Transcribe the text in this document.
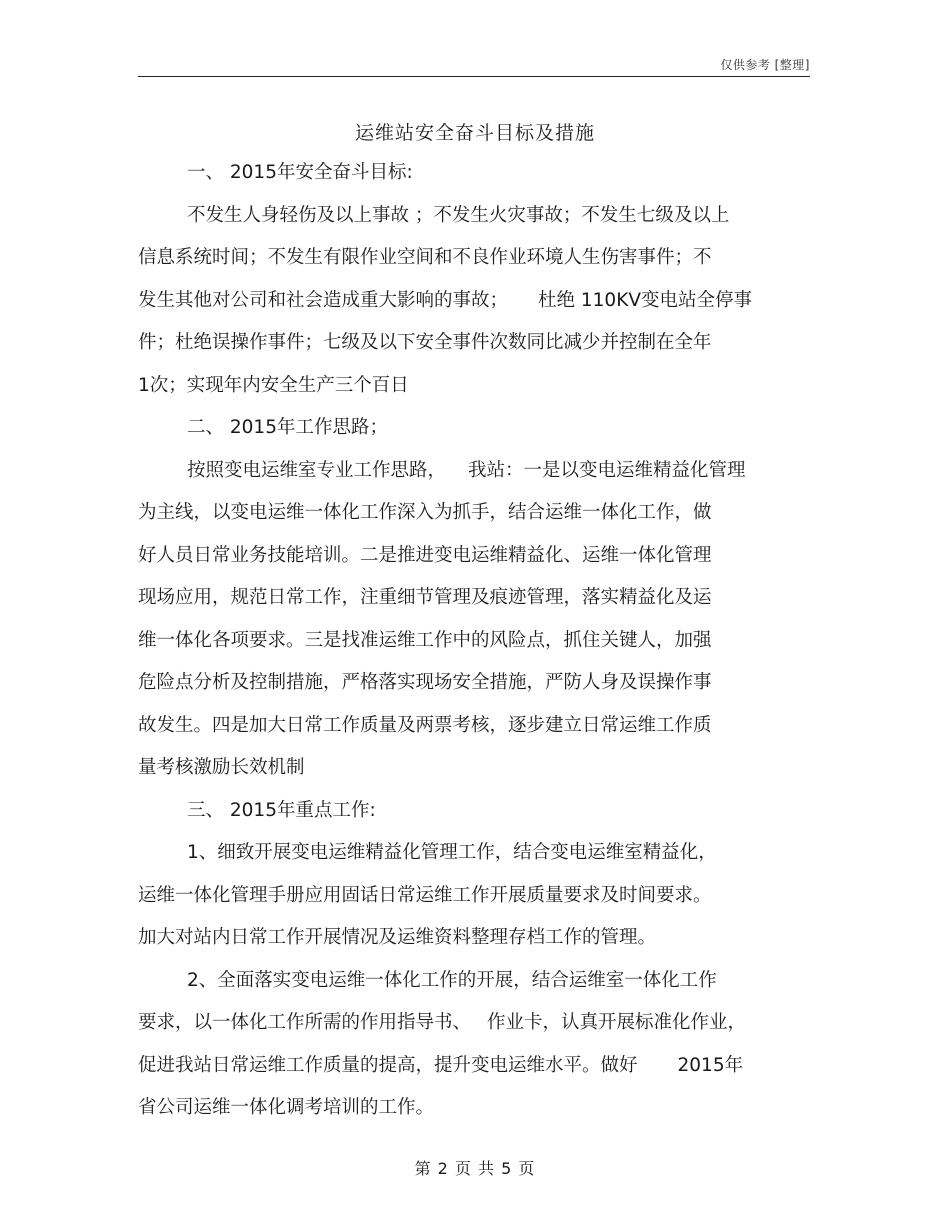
仅供参考 [整理]
运维站安全奋斗目标及措施
一、 2015年安全奋斗目标:
不发生人身轻伤及以上事故 ；不发生火灾事故；不发生七级及以上
信息系统时间；不发生有限作业空间和不良作业环境人生伤害事件；不
发生其他对公司和社会造成重大影响的事故； 杜绝 110KV变电站全停事
件；杜绝误操作事件；七级及以下安全事件次数同比减少并控制在全年
1次；实现年内安全生产三个百日
二、 2015年工作思路；
按照变电运维室专业工作思路， 我站：一是以变电运维精益化管理
为主线，以变电运维一体化工作深入为抓手，结合运维一体化工作，做
好人员日常业务技能培训。二是推进变电运维精益化、运维一体化管理
现场应用，规范日常工作，注重细节管理及痕迹管理，落实精益化及运
维一体化各项要求。三是找准运维工作中的风险点，抓住关键人，加强
危险点分析及控制措施，严格落实现场安全措施，严防人身及误操作事
故发生。四是加大日常工作质量及两票考核，逐步建立日常运维工作质
量考核激励长效机制
三、 2015年重点工作:
1、细致开展变电运维精益化管理工作，结合变电运维室精益化，
运维一体化管理手册应用固话日常运维工作开展质量要求及时间要求。
加大对站内日常工作开展情况及运维资料整理存档工作的管理。
2、全面落实变电运维一体化工作的开展，结合运维室一体化工作
要求，以一体化工作所需的作用指导书、 作业卡，认真开展标准化作业，
促进我站日常运维工作质量的提高，提升变电运维水平。做好 2015年
省公司运维一体化调考培训的工作。
第 2 页 共 5 页
